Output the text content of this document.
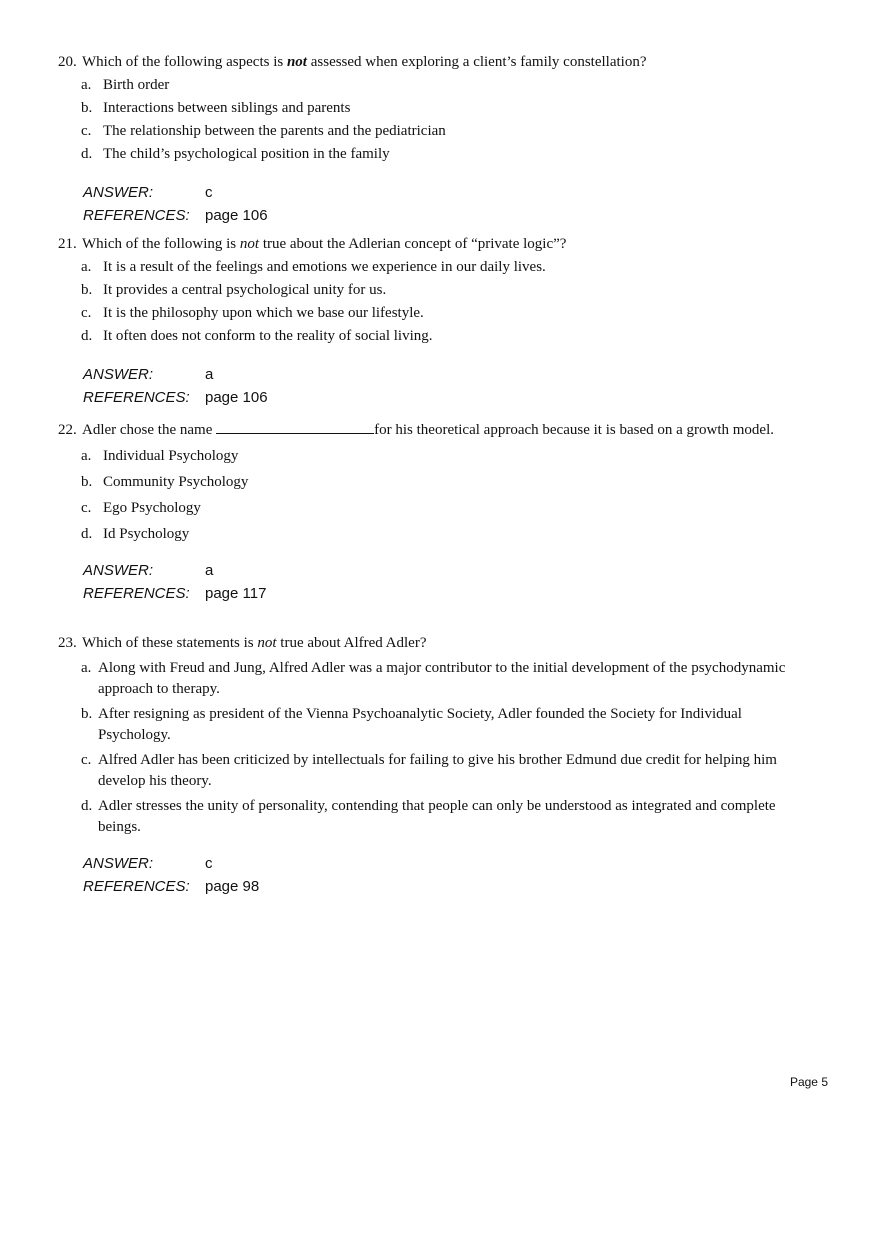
20. Which of the following aspects is not assessed when exploring a client’s family constellation?
a. Birth order
b. Interactions between siblings and parents
c. The relationship between the parents and the pediatrician
d. The child’s psychological position in the family
ANSWER:	c
REFERENCES:	page 106
21. Which of the following is not true about the Adlerian concept of “private logic”?
a. It is a result of the feelings and emotions we experience in our daily lives.
b. It provides a central psychological unity for us.
c. It is the philosophy upon which we base our lifestyle.
d. It often does not conform to the reality of social living.
ANSWER:	a
REFERENCES:	page 106
22. Adler chose the name	for his theoretical approach because it is based on a growth model.
a. Individual Psychology
b. Community Psychology
c. Ego Psychology
d. Id Psychology
ANSWER:	a
REFERENCES:	page 117
23. Which of these statements is not true about Alfred Adler?
a. Along with Freud and Jung, Alfred Adler was a major contributor to the initial development of the psychodynamic approach to therapy.
b. After resigning as president of the Vienna Psychoanalytic Society, Adler founded the Society for Individual Psychology.
c. Alfred Adler has been criticized by intellectuals for failing to give his brother Edmund due credit for helping him develop his theory.
d. Adler stresses the unity of personality, contending that people can only be understood as integrated and complete beings.
ANSWER:	c
REFERENCES:	page 98
Page 5
